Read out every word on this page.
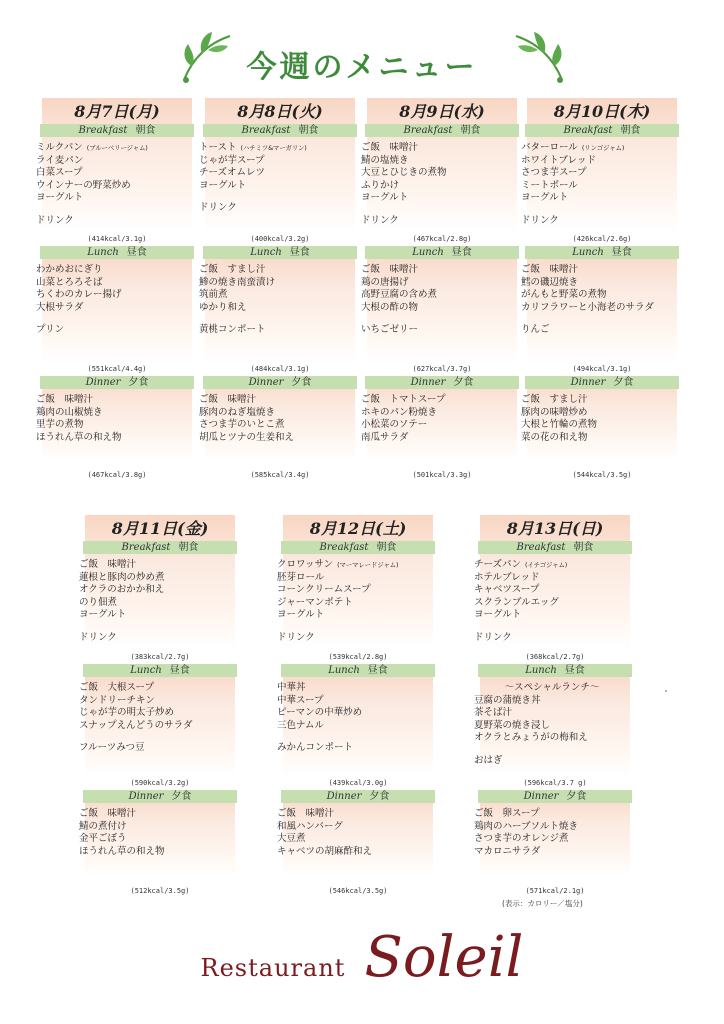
今週のメニュー
8月7日(月)
Breakfast 朝食
ミルクパン (ブルーベリージャム)
ライ麦パン
白菜スープ
ウインナーの野菜炒め
ヨーグルト
ドリンク
(414kcal/3.1g)
Lunch 昼食
わかめおにぎり
山菜とろろそば
ちくわのカレー揚げ
大根サラダ
プリン
(551kcal/4.4g)
Dinner 夕食
ご飯　味噌汁
鶏肉の山椒焼き
里芋の煮物
ほうれん草の和え物
(467kcal/3.8g)
8月8日(火)
Breakfast 朝食
トースト (ハチミツ&マーガリン)
じゃが芋スープ
チーズオムレツ
ヨーグルト
ドリンク
(400kcal/3.2g)
Lunch 昼食
ご飯　すまし汁
鯵の焼き南蛮漬け
筑前煮
ゆかり和え
黄桃コンポート
(484kcal/3.1g)
Dinner 夕食
ご飯　味噌汁
豚肉のねぎ塩焼き
さつま芋のいとこ煮
胡瓜とツナの生姜和え
(585kcal/3.4g)
8月9日(水)
Breakfast 朝食
ご飯　味噌汁
鯖の塩焼き
大豆とひじきの煮物
ふりかけ
ヨーグルト
ドリンク
(467kcal/2.8g)
Lunch 昼食
ご飯　味噌汁
鶏の唐揚げ
高野豆腐の含め煮
大根の酢の物
いちごゼリー
(627kcal/3.7g)
Dinner 夕食
ご飯　トマトスープ
ホキのパン粉焼き
小松菜のソテー
南瓜サラダ
(501kcal/3.3g)
8月10日(木)
Breakfast 朝食
バターロール (リンゴジャム)
ホワイトブレッド
さつま芋スープ
ミートボール
ヨーグルト
ドリンク
(426kcal/2.6g)
Lunch 昼食
ご飯　味噌汁
鱈の磯辺焼き
がんもと野菜の煮物
カリフラワーと小海老のサラダ
りんご
(494kcal/3.1g)
Dinner 夕食
ご飯　すまし汁
豚肉の味噌炒め
大根と竹輪の煮物
菜の花の和え物
(544kcal/3.5g)
8月11日(金)
Breakfast 朝食
ご飯　味噌汁
蓮根と豚肉の炒め煮
オクラのおかか和え
のり佃煮
ヨーグルト
ドリンク
(383kcal/2.7g)
Lunch 昼食
ご飯　大根スープ
タンドリーチキン
じゃが芋の明太子炒め
スナップえんどうのサラダ
フルーツみつ豆
(590kcal/3.2g)
Dinner 夕食
ご飯　味噌汁
鯖の煮付け
金平ごぼう
ほうれん草の和え物
(512kcal/3.5g)
8月12日(土)
Breakfast 朝食
クロワッサン (マーマレードジャム)
胚芽ロール
コーンクリームスープ
ジャーマンポテト
ヨーグルト
ドリンク
(539kcal/2.8g)
Lunch 昼食
中華丼
中華スープ
ピーマンの中華炒め
三色ナムル
みかんコンポート
(439kcal/3.0g)
Dinner 夕食
ご飯　味噌汁
和風ハンバーグ
大豆煮
キャベツの胡麻酢和え
(546kcal/3.5g)
8月13日(日)
Breakfast 朝食
チーズパン (イチゴジャム)
ホテルブレッド
キャベツスープ
スクランブルエッグ
ヨーグルト
ドリンク
(368kcal/2.7g)
Lunch 昼食
〜スペシャルランチ〜
豆腐の蒲焼き丼
茶そば汁
夏野菜の焼き浸し
オクラとみょうがの梅和え
おはぎ
(596kcal/3.7 g)
Dinner 夕食
ご飯　卵スープ
鶏肉のハーブソルト焼き
さつま芋のオレンジ煮
マカロニサラダ
(571kcal/2.1g)
(表示：カロリー／塩分)
Restaurant Soleil
